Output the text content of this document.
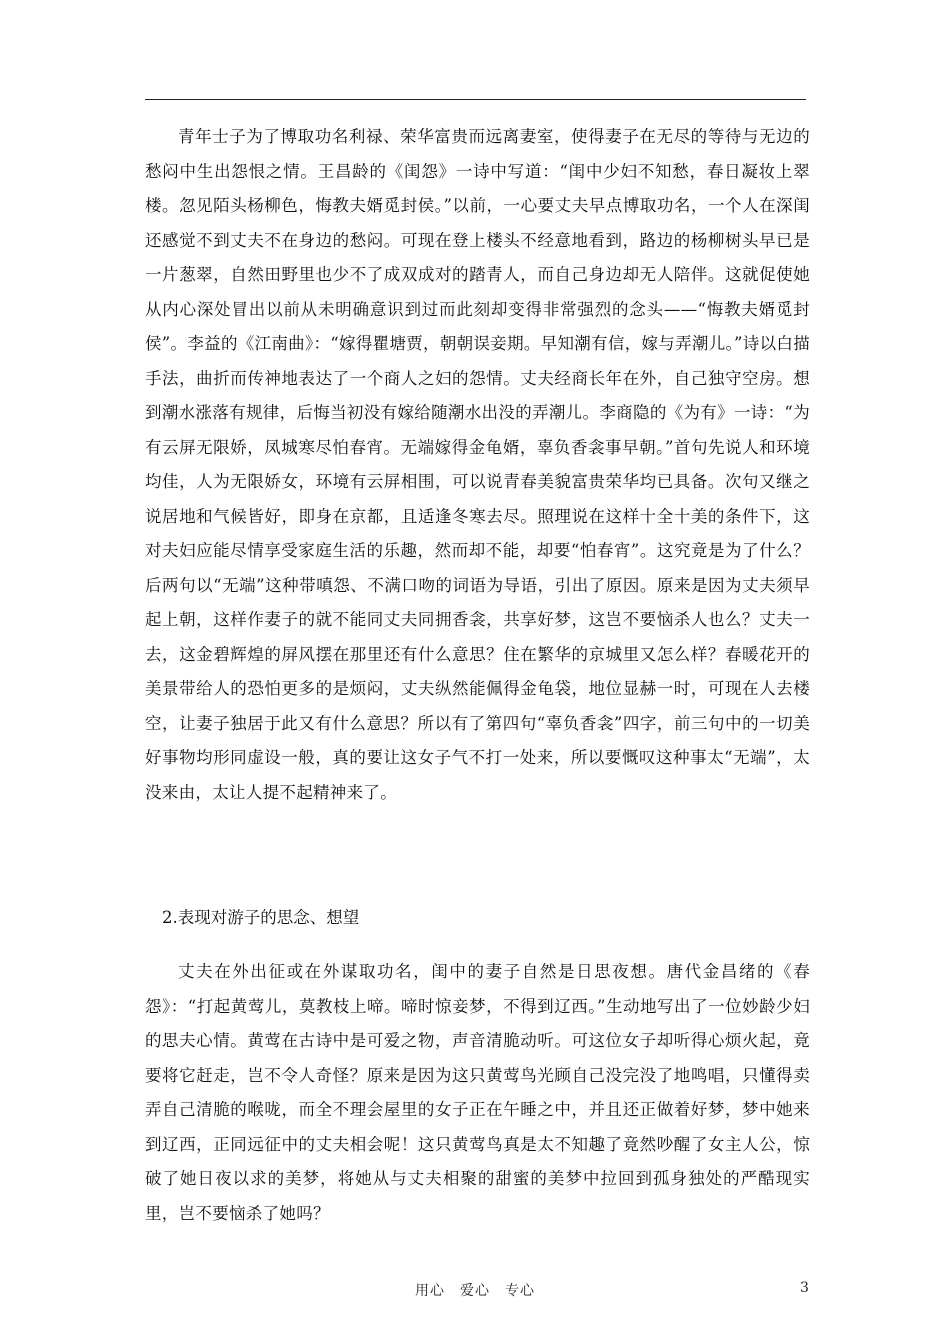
青年士子为了博取功名利禄、荣华富贵而远离妻室，使得妻子在无尽的等待与无边的愁闷中生出怨恨之情。王昌龄的《闺怨》一诗中写道：“闺中少妇不知愁，春日凝妆上翠楼。忽见陌头杨柳色，悔教夫婿觅封侯。”以前，一心要丈夫早点博取功名，一个人在深闺还感觉不到丈夫不在身边的愁闷。可现在登上楼头不经意地看到，路边的杨柳树头早已是一片葱翠，自然田野里也少不了成双成对的踏青人，而自己身边却无人陪伴。这就促使她从内心深处冒出以前从未明确意识到过而此刻却变得非常强烈的念头——“悔教夫婿觅封侯”。李益的《江南曲》：“嫁得瞿塘贾，朝朝误妾期。早知潮有信，嫁与弄潮儿。”诗以白描手法，曲折而传神地表达了一个商人之妇的怨情。丈夫经商长年在外，自己独守空房。想到潮水涨落有规律，后悔当初没有嫁给随潮水出没的弄潮儿。李商隐的《为有》一诗：“为有云屏无限娇，凤城寒尽怕春宵。无端嫁得金龟婿，辜负香衾事早朝。”首句先说人和环境均佳，人为无限娇女，环境有云屏相围，可以说青春美貌富贵荣华均已具备。次句又继之说居地和气候皆好，即身在京都，且适逢冬寒去尽。照理说在这样十全十美的条件下，这对夫妇应能尽情享受家庭生活的乐趣，然而却不能，却要“怕春宵”。这究竟是为了什么？后两句以“无端”这种带嗔怨、不满口吻的词语为导语，引出了原因。原来是因为丈夫须早起上朝，这样作妻子的就不能同丈夫同拥香衾，共享好梦，这岂不要恼杀人也么？丈夫一去，这金碧辉煌的屏风摆在那里还有什么意思？住在繁华的京城里又怎么样？春暖花开的美景带给人的恐怕更多的是烦闷，丈夫纵然能佩得金龟袋，地位显赫一时，可现在人去楼空，让妻子独居于此又有什么意思？所以有了第四句“辜负香衾”四字，前三句中的一切美好事物均形同虚设一般，真的要让这女子气不打一处来，所以要慨叹这种事太“无端”，太没来由，太让人提不起精神来了。
2.表现对游子的思念、想望
丈夫在外出征或在外谋取功名，闺中的妻子自然是日思夜想。唐代金昌绪的《春怨》：“打起黄莺儿，莫教枝上啼。啼时惊妾梦，不得到辽西。”生动地写出了一位妙龄少妇的思夫心情。黄莺在古诗中是可爱之物，声音清脆动听。可这位女子却听得心烦火起，竟要将它赶走，岂不令人奇怪？原来是因为这只黄莺鸟光顾自己没完没了地鸣唱，只懂得卖弄自己清脆的喉咙，而全不理会屋里的女子正在午睡之中，并且还正做着好梦，梦中她来到辽西，正同远征中的丈夫相会呢！这只黄莺鸟真是太不知趣了竟然吵醒了女主人公，惊破了她日夜以求的美梦，将她从与丈夫相聚的甜蜜的美梦中拉回到孤身独处的严酷现实里，岂不要恼杀了她吗？
用心　爱心　专心	3
